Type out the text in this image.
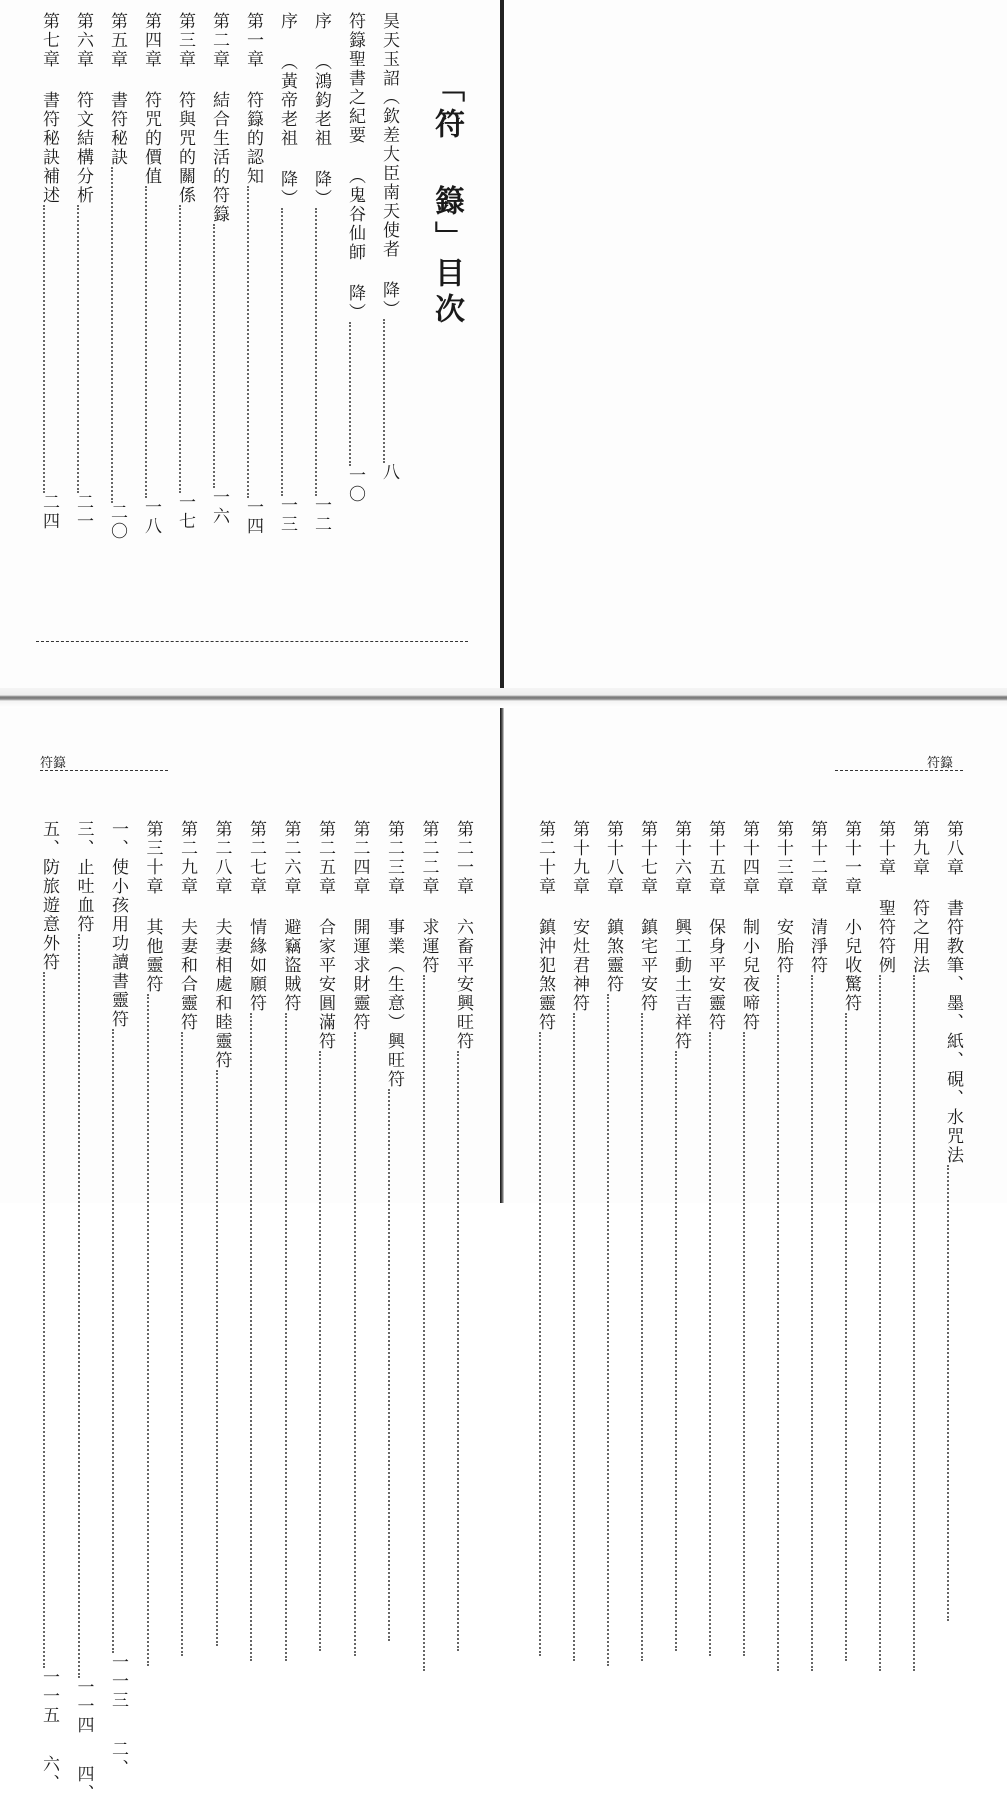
「符 籙」目次
昊天玉詔（欽差大臣南天使者 降）八
符籙聖書之紀要 （鬼谷仙師 降）一〇
序 （鴻鈞老祖 降）一二
序 （黃帝老祖 降）一三
第一章 符籙的認知一四
第二章 結合生活的符籙一六
第三章 符與咒的關係一七
第四章 符咒的價值一八
第五章 書符秘訣二〇
第六章 符文結構分析二一
第七章 書符秘訣補述二四
符籙
第二一章 六畜平安興旺符
第二二章 求運符
第二三章 事業（生意）興旺符
第二四章 開運求財靈符
第二五章 合家平安圓滿符
第二六章 避竊盜賊符
第二七章 情緣如願符
第二八章 夫妻相處和睦靈符
第二九章 夫妻和合靈符
第三十章 其他靈符
一、使小孩用功讀書靈符一一三二、
三、止吐血符一一四四、
五、防旅遊意外符一一五六、
符籙
第八章 書符教筆、墨、紙、硯、水咒法
第九章 符之用法
第十章 聖符符例
第十一章 小兒收驚符
第十二章 清淨符
第十三章 安胎符
第十四章 制小兒夜啼符
第十五章 保身平安靈符
第十六章 興工動土吉祥符
第十七章 鎮宅平安符
第十八章 鎮煞靈符
第十九章 安灶君神符
第二十章 鎮沖犯煞靈符
